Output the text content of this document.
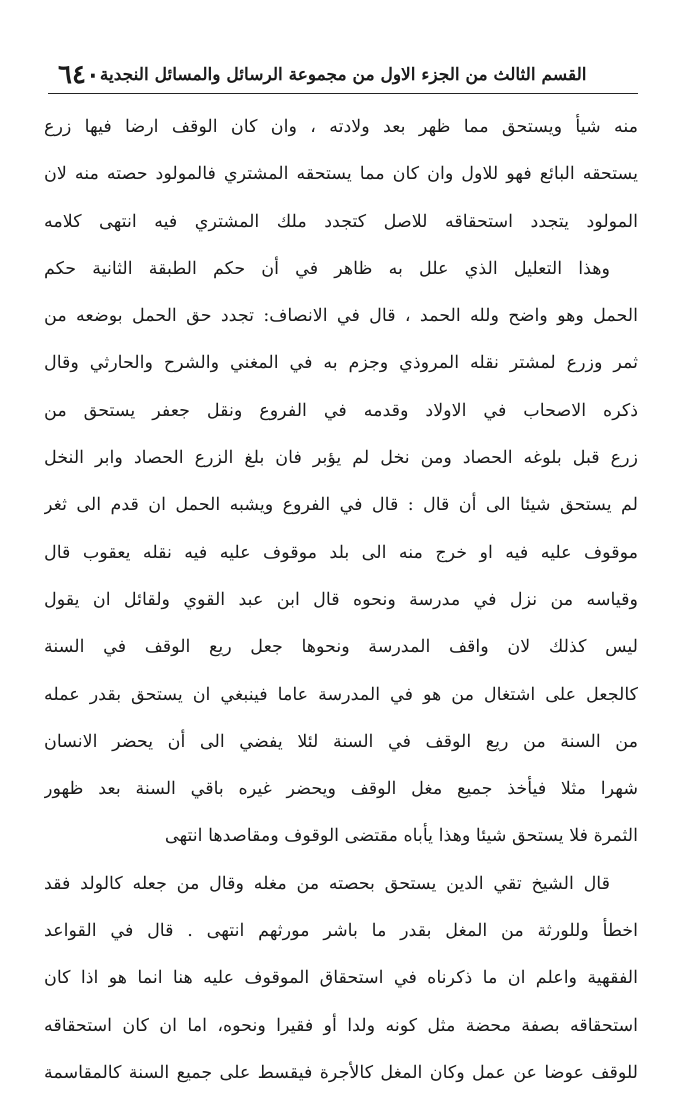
٦٤٠ القسم الثالث من الجزء الاول من مجموعة الرسائل والمسائل النجدية
منه شيأ ويستحق مما ظهر بعد ولادته ، وان كان الوقف ارضا فيها زرع
يستحقه البائع فهو للاول وان كان مما يستحقه المشتري فالمولود حصته منه لان
المولود يتجدد استحقاقه للاصل كتجدد ملك المشتري فيه انتهى كلامه
وهذا التعليل الذي علل به ظاهر في أن حكم الطبقة الثانية حكم
الحمل وهو واضح ولله الحمد ، قال في الانصاف: تجدد حق الحمل بوضعه من
ثمر وزرع لمشتر نقله المروذي وجزم به في المغني والشرح والحارثي وقال
ذكره الاصحاب في الاولاد وقدمه في الفروع ونقل جعفر يستحق من
زرع قبل بلوغه الحصاد ومن نخل لم يؤبر فان بلغ الزرع الحصاد وابر النخل
لم يستحق شيئا الى أن قال : قال في الفروع ويشبه الحمل ان قدم الى ثغر
موقوف عليه فيه او خرج منه الى بلد موقوف عليه فيه نقله يعقوب قال
وقياسه من نزل في مدرسة ونحوه قال ابن عبد القوي ولقائل ان يقول
ليس كذلك لان واقف المدرسة ونحوها جعل ريع الوقف في السنة
كالجعل على اشتغال من هو في المدرسة عاما فينبغي ان يستحق بقدر عمله
من السنة من ريع الوقف في السنة لئلا يفضي الى أن يحضر الانسان
شهرا مثلا فيأخذ جميع مغل الوقف ويحضر غيره باقي السنة بعد ظهور
الثمرة فلا يستحق شيئا وهذا يأباه مقتضى الوقوف ومقاصدها انتهى
قال الشيخ تقي الدين يستحق بحصته من مغله وقال من جعله كالولد فقد
اخطأ وللورثة من المغل بقدر ما باشر مورثهم انتهى . قال في القواعد
الفقهية واعلم ان ما ذكرناه في استحقاق الموقوف عليه هنا انما هو اذا كان
استحقاقه بصفة محضة مثل كونه ولدا أو فقيرا ونحوه، اما ان كان استحقاقه
للوقف عوضا عن عمل وكان المغل كالأجرة فيقسط على جميع السنة كالمقاسمة
